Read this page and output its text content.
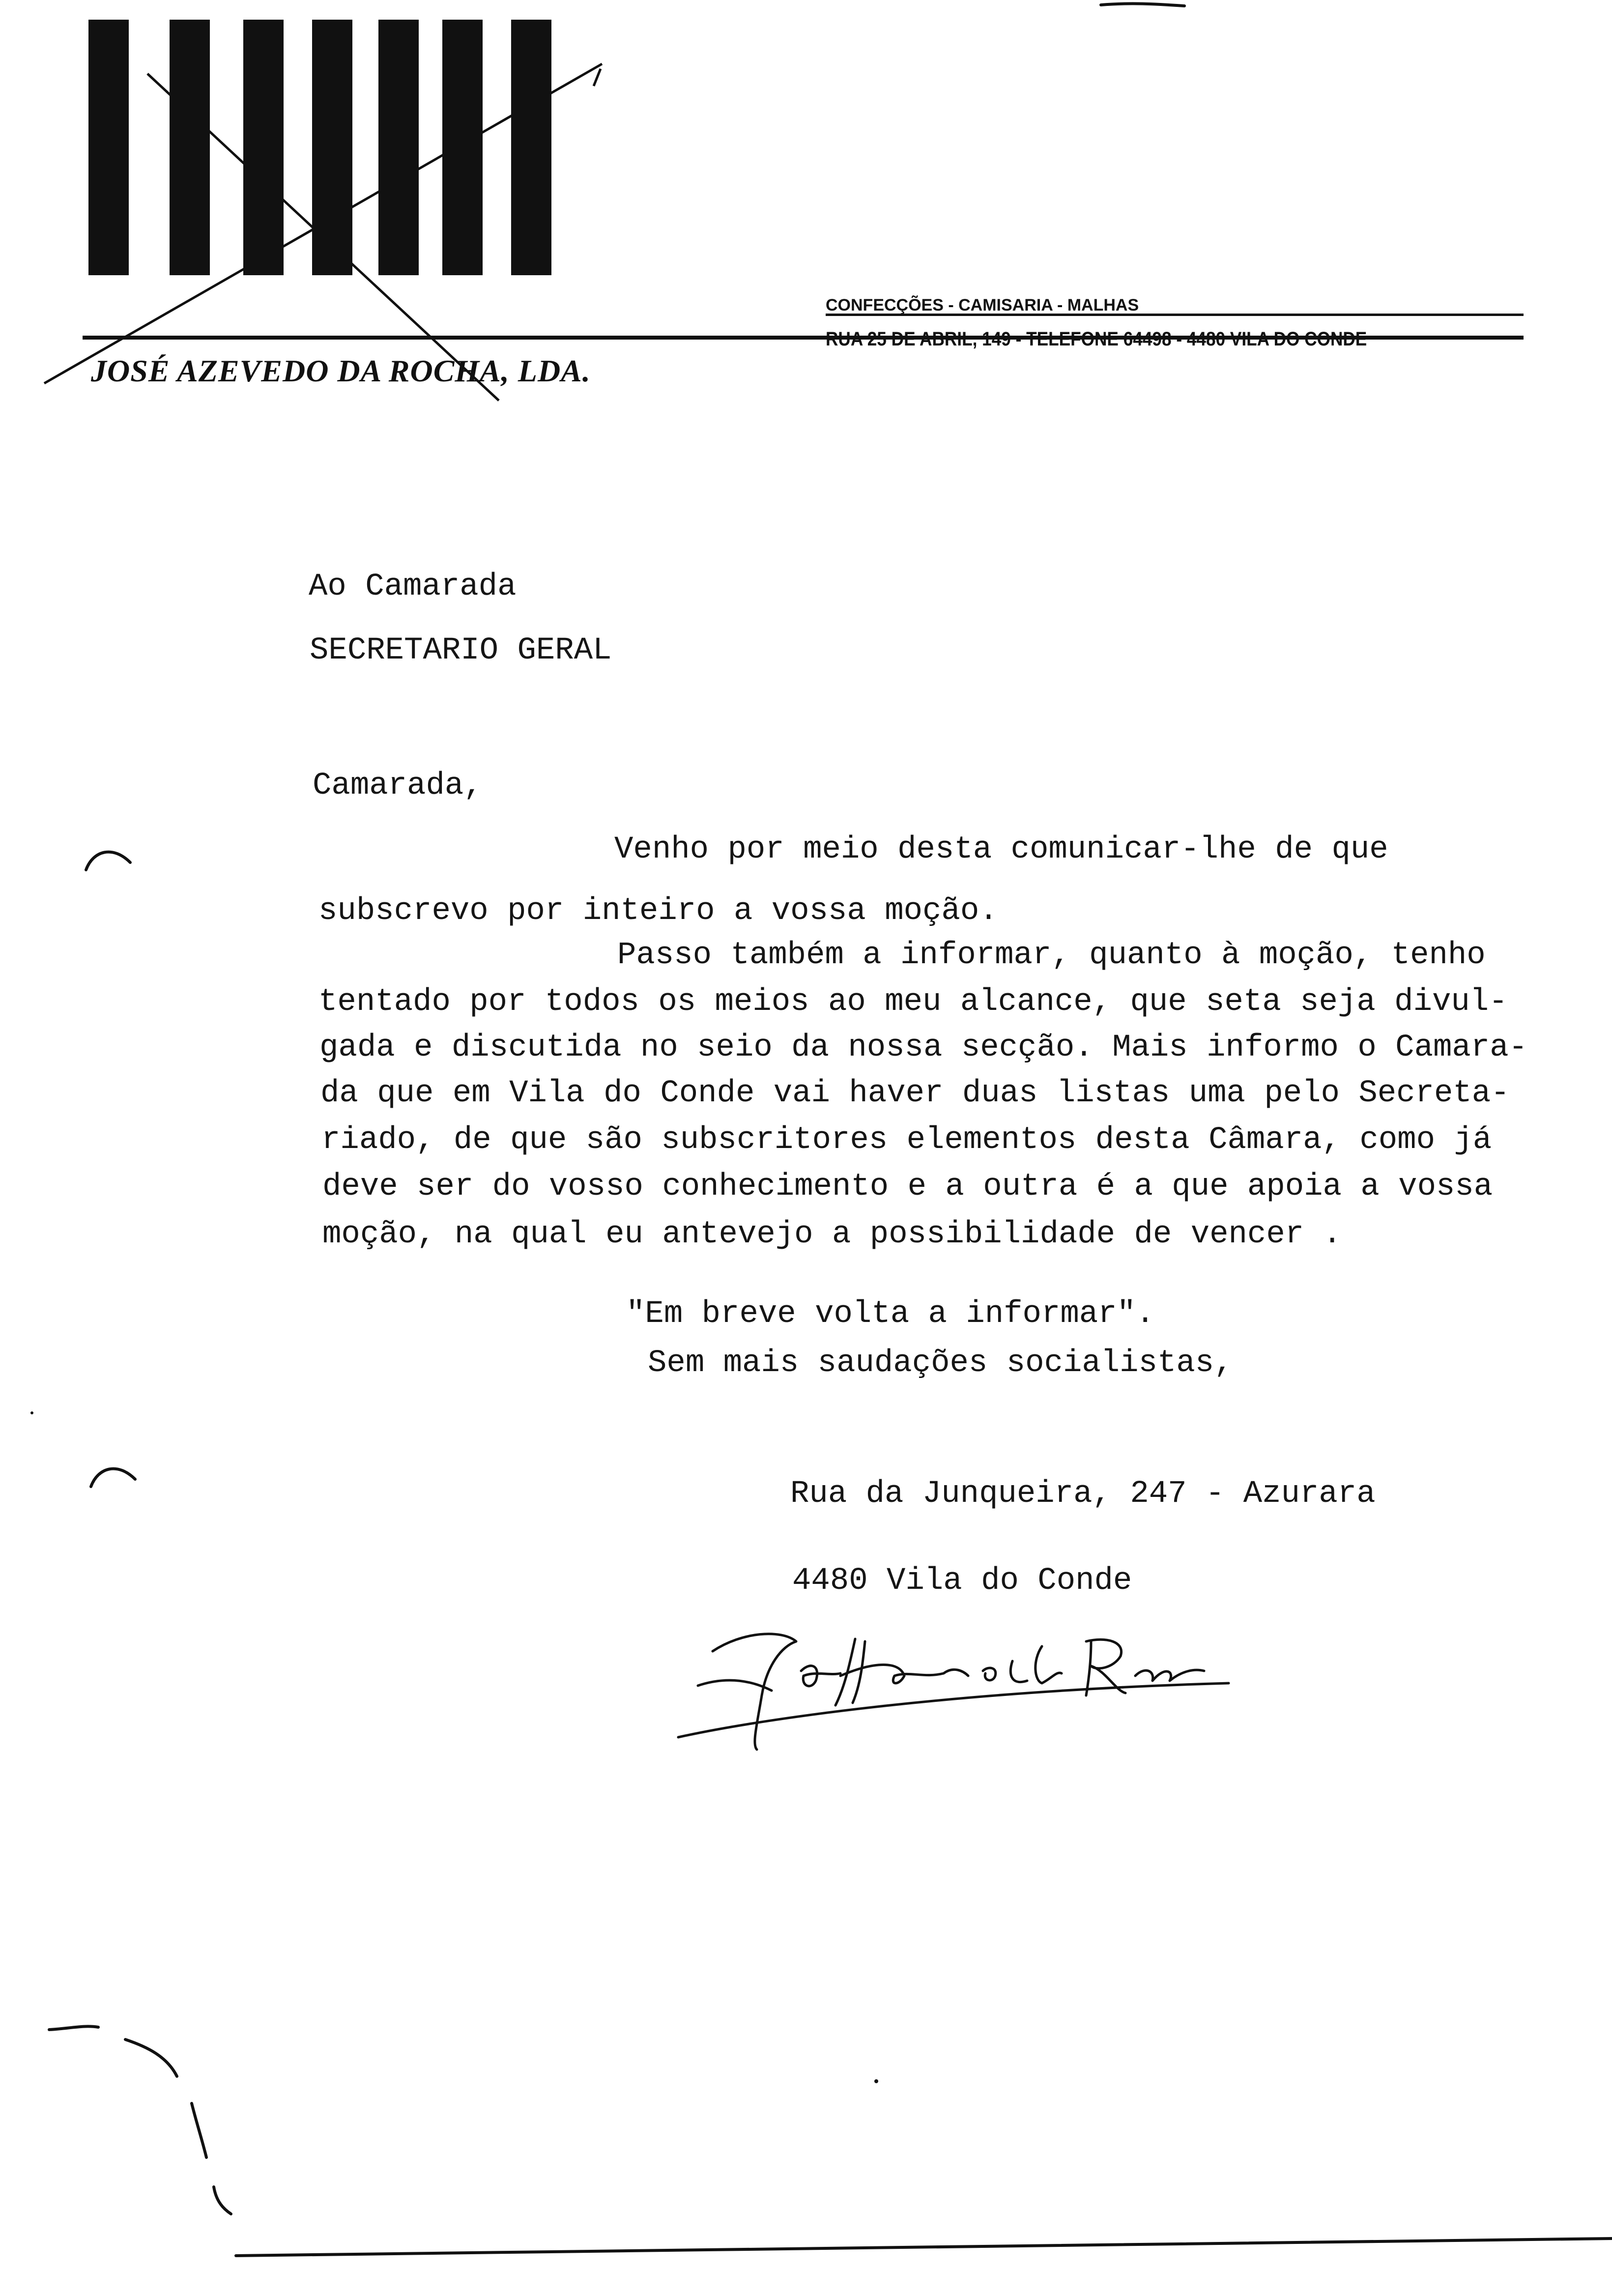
CONFECÇÕES - CAMISARIA - MALHAS
JOSÉ AZEVEDO DA ROCHA, LDA.
RUA 25 DE ABRIL, 149 - TELEFONE 64498 - 4480 VILA DO CONDE
Ao Camarada
SECRETARIO GERAL
Camarada,
Venho por meio desta comunicar-lhe de que
subscrevo por inteiro a vossa moção.
Passo também a informar, quanto à moção, tenho
tentado por todos os meios ao meu alcance, que seta seja divul-
gada e discutida no seio da nossa secção. Mais informo o Camara-
da que em Vila do Conde vai haver duas listas uma pelo Secreta-
riado, de que são subscritores elementos desta Câmara, como já
deve ser do vosso conhecimento e a outra é a que apoia a vossa
moção, na qual eu antevejo a possibilidade de vencer .
"Em breve volta a informar".
Sem mais saudações socialistas,
Rua da Junqueira, 247 - Azurara
4480 Vila do Conde
